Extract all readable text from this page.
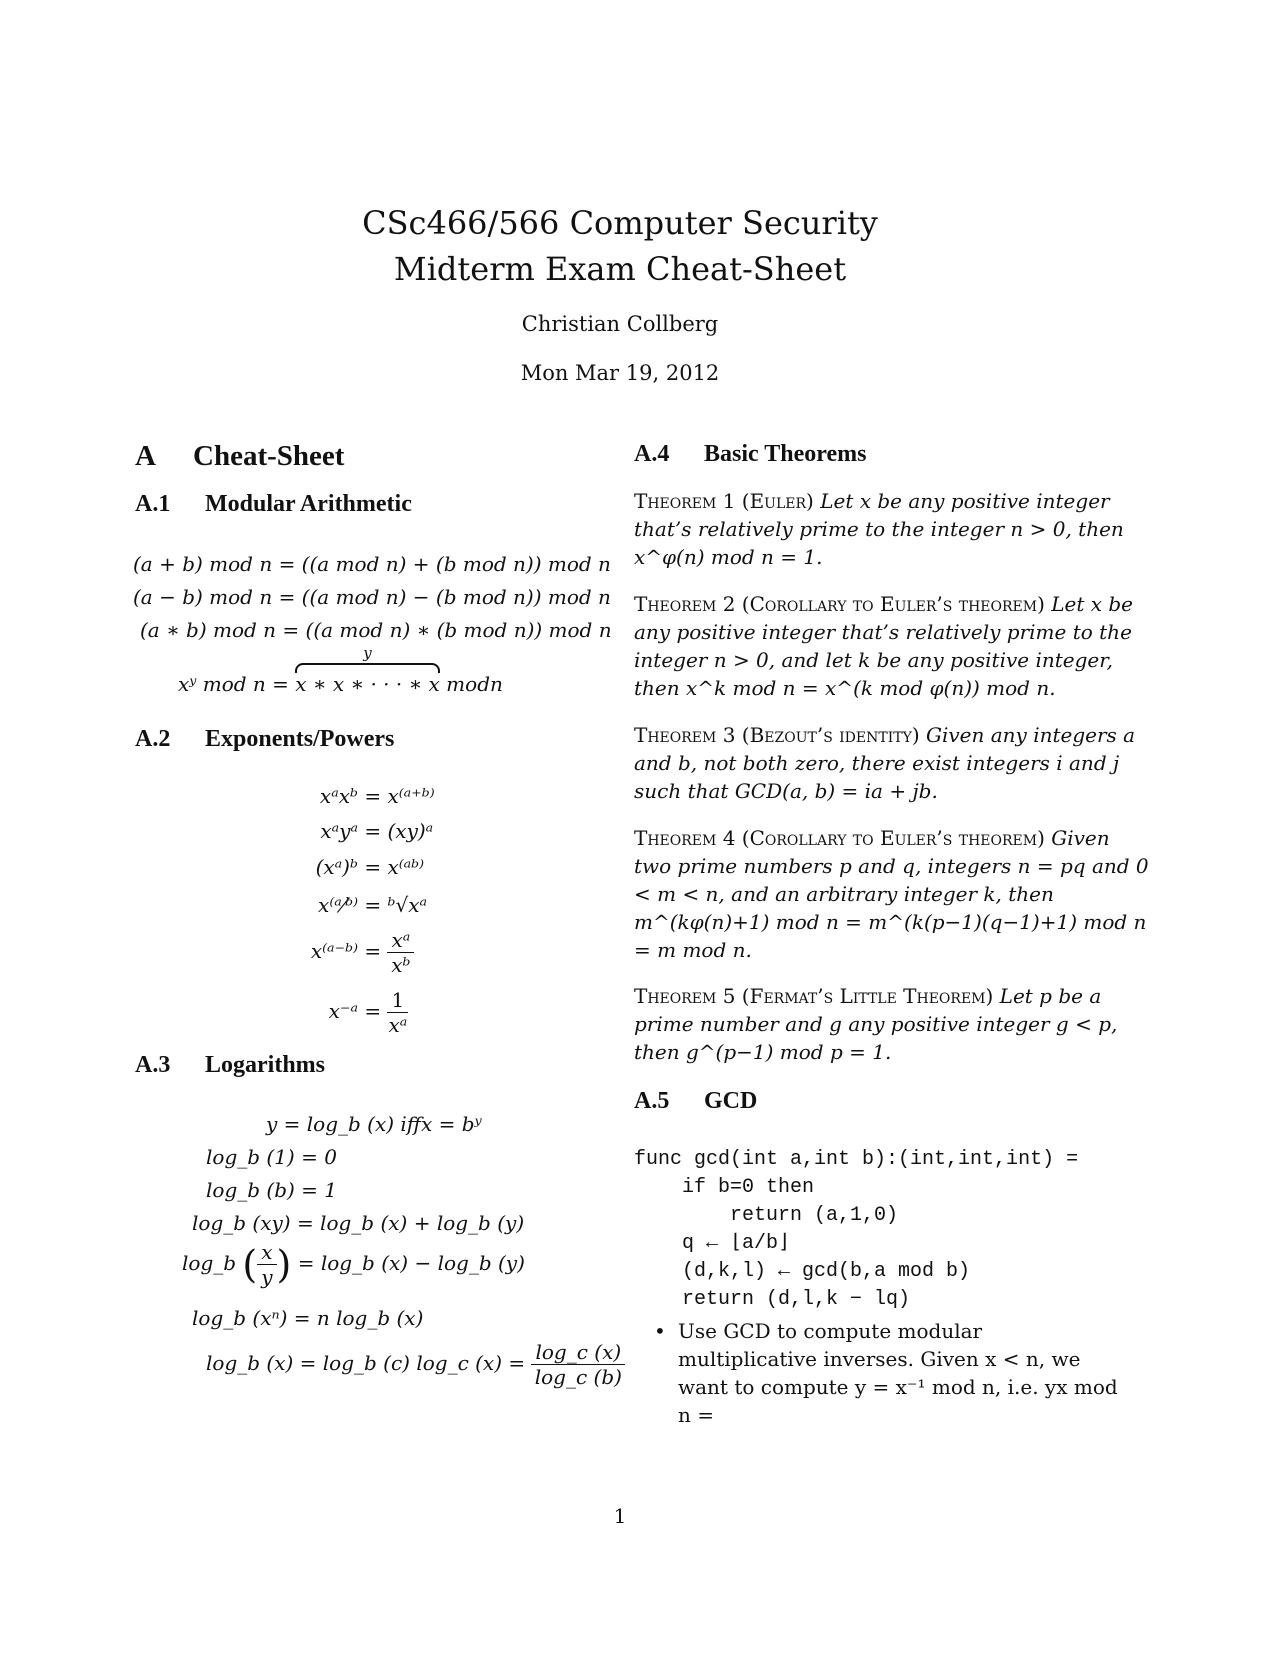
CSc466/566 Computer Security
Midterm Exam Cheat-Sheet
Christian Collberg
Mon Mar 19, 2012
A Cheat-Sheet
A.1 Modular Arithmetic
(a + b) mod n = ((a mod n) + (b mod n)) mod n
(a − b) mod n = ((a mod n) − (b mod n)) mod n
(a ∗ b) mod n = ((a mod n) ∗ (b mod n)) mod n
xʸ mod n =
y
x ∗ x ∗ · · · ∗ x modn
A.2 Exponents/Powers
xᵃxᵇ = x⁽ᵃ⁺ᵇ⁾
xᵃyᵃ = (xy)ᵃ
(xᵃ)ᵇ = x⁽ᵃᵇ⁾
x⁽ᵃ⁄ᵇ⁾ = ᵇ√xᵃ
x⁽ᵃ⁻ᵇ⁾ = $\frac{\text{xᵃ}}{\text{xᵇ}}$
x⁻ᵃ = $\frac{1}{\text{xᵃ}}$
A.3 Logarithms
y = log_b (x) iffx = bʸ
log_b (1) = 0
log_b (b) = 1
log_b (xy) = log_b (x) + log_b (y)
log_b ( $\frac{x}{y}$ ) = log_b (x) − log_b (y)
log_b (xⁿ) = n log_b (x)
log_b (x) = log_b (c) log_c $(x) = \frac{\log\_c (x)}{\log\_c (b)}$
A.4 Basic Theorems
Theorem 1 (Euler) Let x be any positive integer that’s relatively prime to the integer n > 0, then x^φ(n) mod n = 1.
Theorem 2 (Corollary to Euler’s theorem) Let x be any positive integer that’s relatively prime to the integer n > 0, and let k be any positive integer, then x^k mod n = x^(k mod φ(n)) mod n.
Theorem 3 (Bezout’s identity) Given any integers a and b, not both zero, there exist integers i and j such that GCD(a, b) = ia + jb.
Theorem 4 (Corollary to Euler’s theorem) Given two prime numbers p and q, integers n = pq and 0 < m < n, and an arbitrary integer k, then m^(kφ(n)+1) mod n = m^(k(p−1)(q−1)+1) mod n = m mod n.
Theorem 5 (Fermat’s Little Theorem) Let p be a prime number and g any positive integer g < p, then g^(p−1) mod p = 1.
A.5 GCD
func gcd(int a,int b):(int,int,int) =
if b=0 then
return (a,1,0)
q ← ⌊a/b⌋
(d,k,l) ← gcd(b,a mod b)
return (d,l,k − lq)
• Use GCD to compute modular multiplicative inverses. Given x < n, we want to compute y = x⁻¹ mod n, i.e. yx mod n =
1
